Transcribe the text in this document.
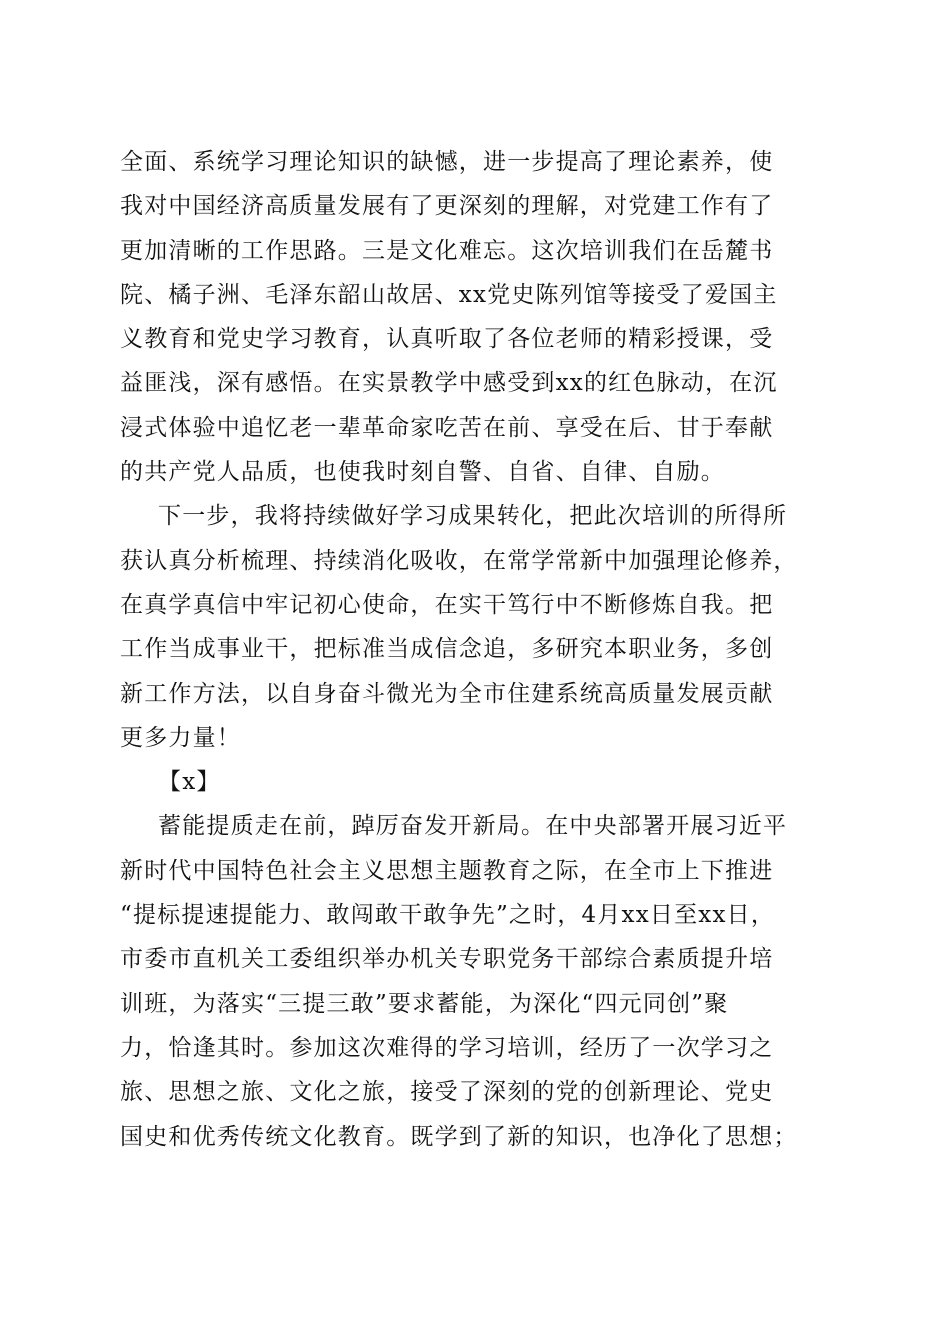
全面、系统学习理论知识的缺憾，进一步提高了理论素养，使
我对中国经济高质量发展有了更深刻的理解，对党建工作有了
更加清晰的工作思路。三是文化难忘。这次培训我们在岳麓书
院、橘子洲、毛泽东韶山故居、xx党史陈列馆等接受了爱国主
义教育和党史学习教育，认真听取了各位老师的精彩授课，受
益匪浅，深有感悟。在实景教学中感受到xx的红色脉动，在沉
浸式体验中追忆老一辈革命家吃苦在前、享受在后、甘于奉献
的共产党人品质，也使我时刻自警、自省、自律、自励。
下一步，我将持续做好学习成果转化，把此次培训的所得所
获认真分析梳理、持续消化吸收，在常学常新中加强理论修养，
在真学真信中牢记初心使命，在实干笃行中不断修炼自我。把
工作当成事业干，把标准当成信念追，多研究本职业务，多创
新工作方法，以自身奋斗微光为全市住建系统高质量发展贡献
更多力量！
【x】
蓄能提质走在前，踔厉奋发开新局。在中央部署开展习近平
新时代中国特色社会主义思想主题教育之际，在全市上下推进
“提标提速提能力、敢闯敢干敢争先”之时，4月xx日至xx日，
市委市直机关工委组织举办机关专职党务干部综合素质提升培
训班，为落实“三提三敢”要求蓄能，为深化“四元同创”聚
力，恰逢其时。参加这次难得的学习培训，经历了一次学习之
旅、思想之旅、文化之旅，接受了深刻的党的创新理论、党史
国史和优秀传统文化教育。既学到了新的知识，也净化了思想；
